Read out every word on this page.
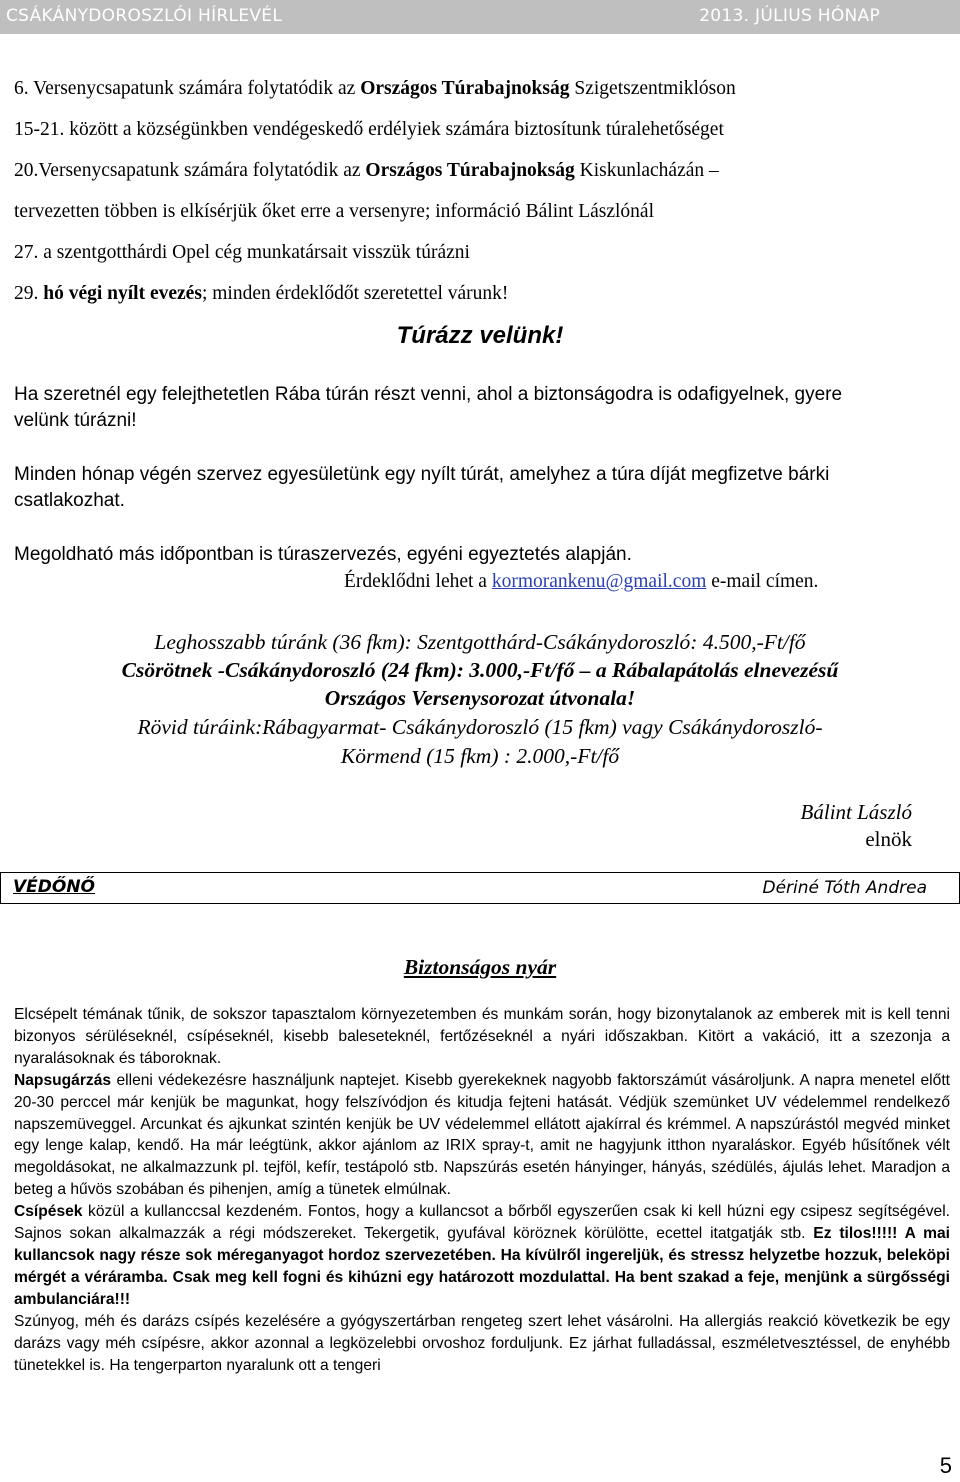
CSÁKÁNYDOROSZLÓI HÍRLEVÉL	2013. JÚLIUS HÓNAP
6. Versenycsapatunk számára folytatódik az Országos Túrabajnokság Szigetszentmiklóson
15-21. között a községünkben vendégeskedő erdélyiek számára biztosítunk túralehetőséget
20.Versenycsapatunk számára folytatódik az Országos Túrabajnokság Kiskunlacházán –
tervezetten többen is elkísérjük őket erre a versenyre; információ Bálint Lászlónál
27. a szentgotthárdi Opel cég munkatársait visszük túrázni
29. hó végi nyílt evezés; minden érdeklődőt szeretettel várunk!
Túrázz velünk!
Ha szeretnél egy felejthetetlen Rába túrán részt venni, ahol a biztonságodra is odafigyelnek, gyere velünk túrázni!
Minden hónap végén szervez egyesületünk egy nyílt túrát, amelyhez a túra díját megfizetve bárki csatlakozhat.
Megoldható más időpontban is túraszervezés, egyéni egyeztetés alapján.
Érdeklődni lehet a kormorankenu@gmail.com e-mail címen.
Leghosszabb túránk (36 fkm): Szentgotthárd-Csákánydoroszló: 4.500,-Ft/fő
Csörötnek -Csákánydoroszló (24 fkm): 3.000,-Ft/fő – a Rábalapátolás elnevezésű
Országos Versenysorozat útvonala!
Rövid túráink:Rábagyarmat- Csákánydoroszló (15 fkm) vagy Csákánydoroszló-
Körmend (15 fkm) : 2.000,-Ft/fő
Bálint László
elnök
VÉDŐNŐ	Dériné Tóth Andrea
Biztonságos nyár

Elcsépelt témának tűnik, de sokszor tapasztalom környezetemben és munkám során, hogy bizonytalanok az emberek mit is kell tenni bizonyos sérüléseknél, csípéseknél, kisebb baleseteknél, fertőzéseknél a nyári időszakban. Kitört a vakáció, itt a szezonja a nyaralásoknak és táboroknak.

Napsugárzás elleni védekezésre használjunk naptejet. Kisebb gyerekeknek nagyobb faktorszámút vásároljunk. A napra menetel előtt 20-30 perccel már kenjük be magunkat, hogy felszívódjon és kitudja fejteni hatását. Védjük szemünket UV védelemmel rendelkező napszemüveggel. Arcunkat és ajkunkat szintén kenjük be UV védelemmel ellátott ajakírral és krémmel. A napszúrástól megvéd minket egy lenge kalap, kendő. Ha már leégtünk, akkor ajánlom az IRIX spray-t, amit ne hagyjunk itthon nyaraláskor. Egyéb hűsítőnek vélt megoldásokat, ne alkalmazzunk pl. tejföl, kefír, testápoló stb. Napszúrás esetén hányinger, hányás, szédülés, ájulás lehet. Maradjon a beteg a hűvös szobában és pihenjen, amíg a tünetek elmúlnak.

Csípések közül a kullanccsal kezdeném. Fontos, hogy a kullancsot a bőrből egyszerűen csak ki kell húzni egy csipesz segítségével. Sajnos sokan alkalmazzák a régi módszereket. Tekergetik, gyufával köröznek körülötte, ecettel itatgatják stb. Ez tilos!!!!! A mai kullancsok nagy része sok méreganyagot hordoz szervezetében. Ha kívülről ingereljük, és stressz helyzetbe hozzuk, beleköpi mérgét a véráramba. Csak meg kell fogni és kihúzni egy határozott mozdulattal. Ha bent szakad a feje, menjünk a sürgősségi ambulanciára!!!

Szúnyog, méh és darázs csípés kezelésére a gyógyszertárban rengeteg szert lehet vásárolni. Ha allergiás reakció következik be egy darázs vagy méh csípésre, akkor azonnal a legközelebbi orvoshoz forduljunk. Ez járhat fulladással, eszméletvesztéssel, de enyhébb tünetekkel is. Ha tengerparton nyaralunk ott a tengeri

5
